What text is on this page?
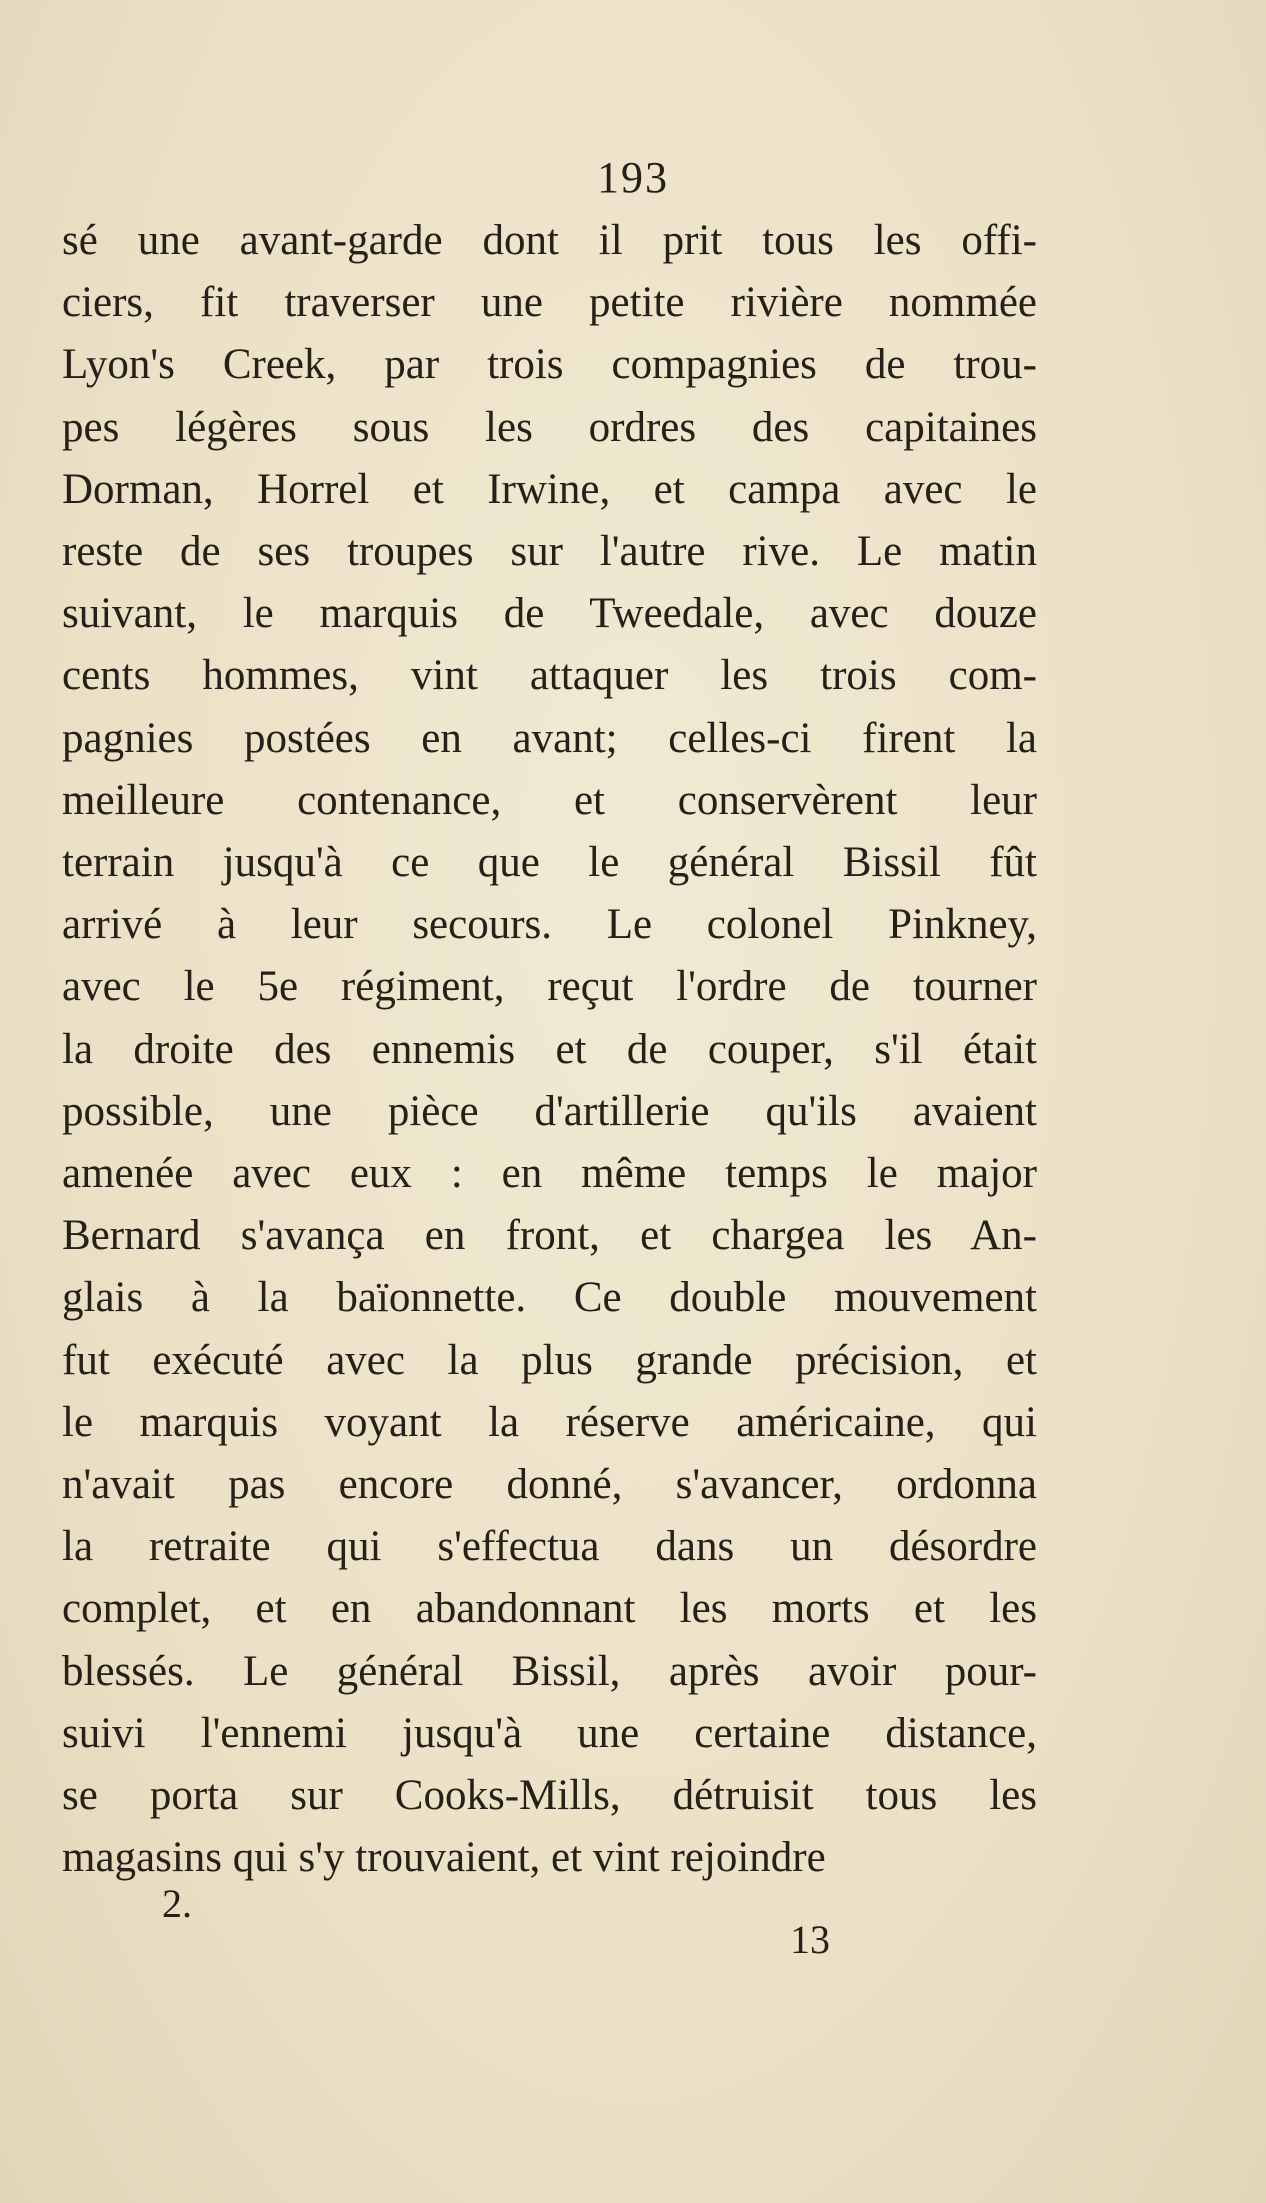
193
sé une avant-garde dont il prit tous les offi-
ciers, fit traverser une petite rivière nommée
Lyon's Creek, par trois compagnies de trou-
pes légères sous les ordres des capitaines
Dorman, Horrel et Irwine, et campa avec le
reste de ses troupes sur l'autre rive. Le matin
suivant, le marquis de Tweedale, avec douze
cents hommes, vint attaquer les trois com-
pagnies postées en avant; celles-ci firent la
meilleure contenance, et conservèrent leur
terrain jusqu'à ce que le général Bissil fût
arrivé à leur secours. Le colonel Pinkney,
avec le 5e régiment, reçut l'ordre de tourner
la droite des ennemis et de couper, s'il était
possible, une pièce d'artillerie qu'ils avaient
amenée avec eux : en même temps le major
Bernard s'avança en front, et chargea les An-
glais à la baïonnette. Ce double mouvement
fut exécuté avec la plus grande précision, et
le marquis voyant la réserve américaine, qui
n'avait pas encore donné, s'avancer, ordonna
la retraite qui s'effectua dans un désordre
complet, et en abandonnant les morts et les
blessés. Le général Bissil, après avoir pour-
suivi l'ennemi jusqu'à une certaine distance,
se porta sur Cooks-Mills, détruisit tous les
magasins qui s'y trouvaient, et vint rejoindre
2.
13
